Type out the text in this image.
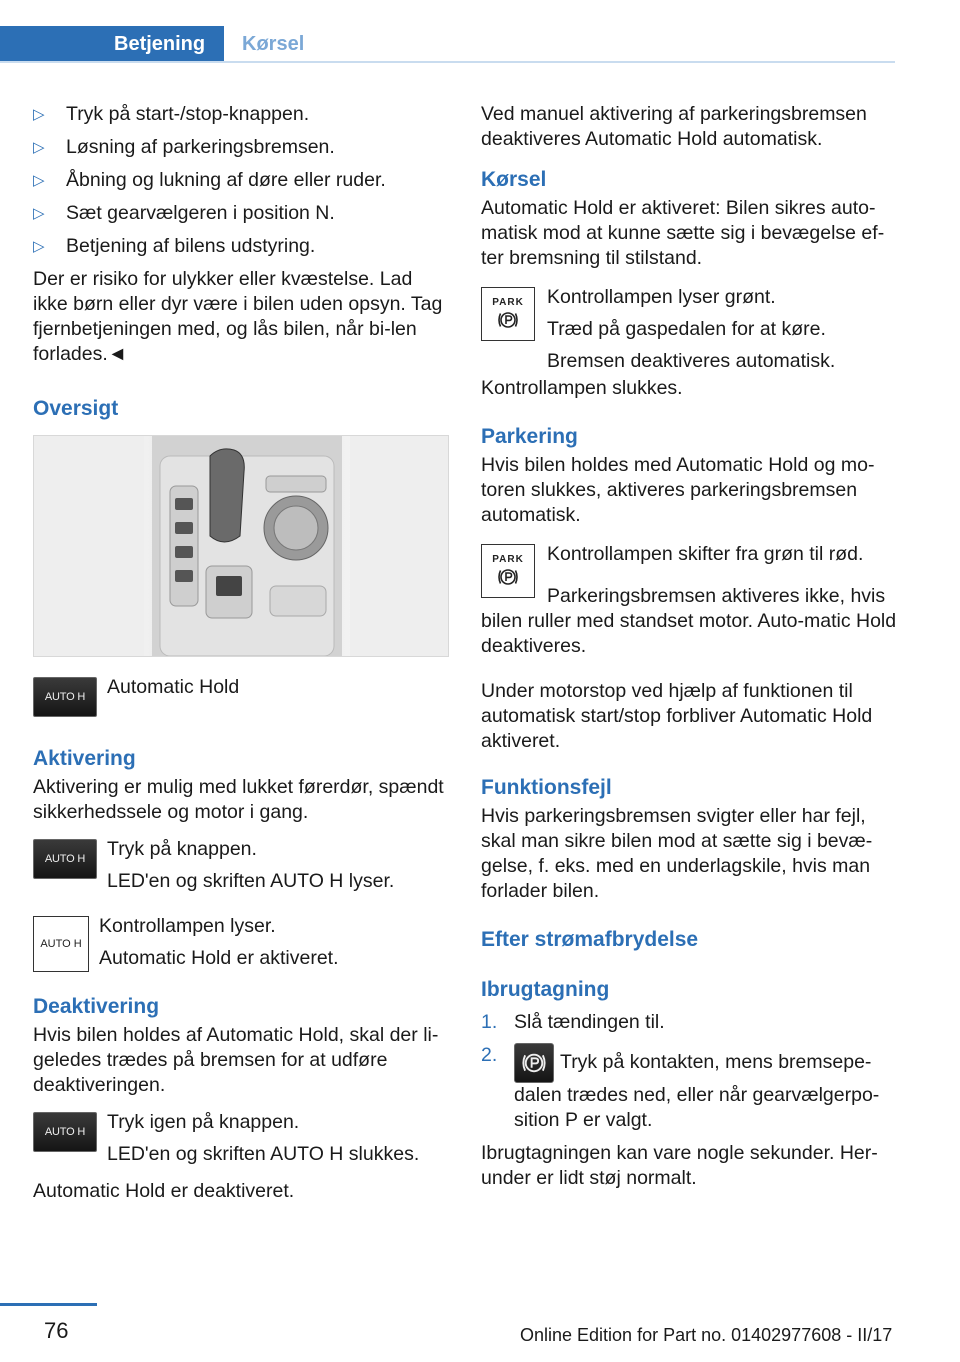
Betjening	Kørsel
▷ Tryk på start-/stop-knappen.
▷ Løsning af parkeringsbremsen.
▷ Åbning og lukning af døre eller ruder.
▷ Sæt gearvælgeren i position N.
▷ Betjening af bilens udstyring.

Der er risiko for ulykker eller kvæstelse. Lad ikke børn eller dyr være i bilen uden opsyn. Tag fjernbetjeningen med, og lås bilen, når bi‐len forlades.◄

Oversigt
AUTO H Automatic Hold

Aktivering

Aktivering er mulig med lukket førerdør, spændt sikkerhedssele og motor i gang.

AUTO H Tryk på knappen.

LED'en og skriften AUTO H lyser.

AUTO H

Kontrollampen lyser.

Automatic Hold er aktiveret.

Deaktivering

Hvis bilen holdes af Automatic Hold, skal der li‐geledes trædes på bremsen for at udføre deaktiveringen.

AUTO H Tryk igen på knappen.

LED'en og skriften AUTO H slukkes.

Automatic Hold er deaktiveret.

Ved manuel aktivering af parkeringsbremsen deaktiveres Automatic Hold automatisk.

Kørsel

Automatic Hold er aktiveret: Bilen sikres auto‐matisk mod at kunne sætte sig i bevægelse ef‐ter bremsning til stilstand.

PARK Kontrollampen lyser grønt.

Træd på gaspedalen for at køre.

Bremsen deaktiveres automatisk.

Kontrollampen slukkes.

Parkering

Hvis bilen holdes med Automatic Hold og mo‐toren slukkes, aktiveres parkeringsbremsen automatisk.

PARK Kontrollampen skifter fra grøn til rød.

Parkeringsbremsen aktiveres ikke, hvis bilen ruller med standset motor. Auto‐matic Hold deaktiveres.

Under motorstop ved hjælp af funktionen til automatisk start/stop forbliver Automatic Hold aktiveret.

Funktionsfejl

Hvis parkeringsbremsen svigter eller har fejl, skal man sikre bilen mod at sætte sig i bevæ‐gelse, f. eks. med en underlagskile, hvis man forlader bilen.

Efter strømafbrydelse
Ibrugtagning
1. Slå tændingen til.
2.	Tryk på kontakten, mens bremsepe‐dalen trædes ned, eller når gearvælgerpo‐sition P er valgt.

Ibrugtagningen kan vare nogle sekunder. Her‐under er lidt støj normalt.

76	Online Edition for Part no. 01402977608 - II/17
